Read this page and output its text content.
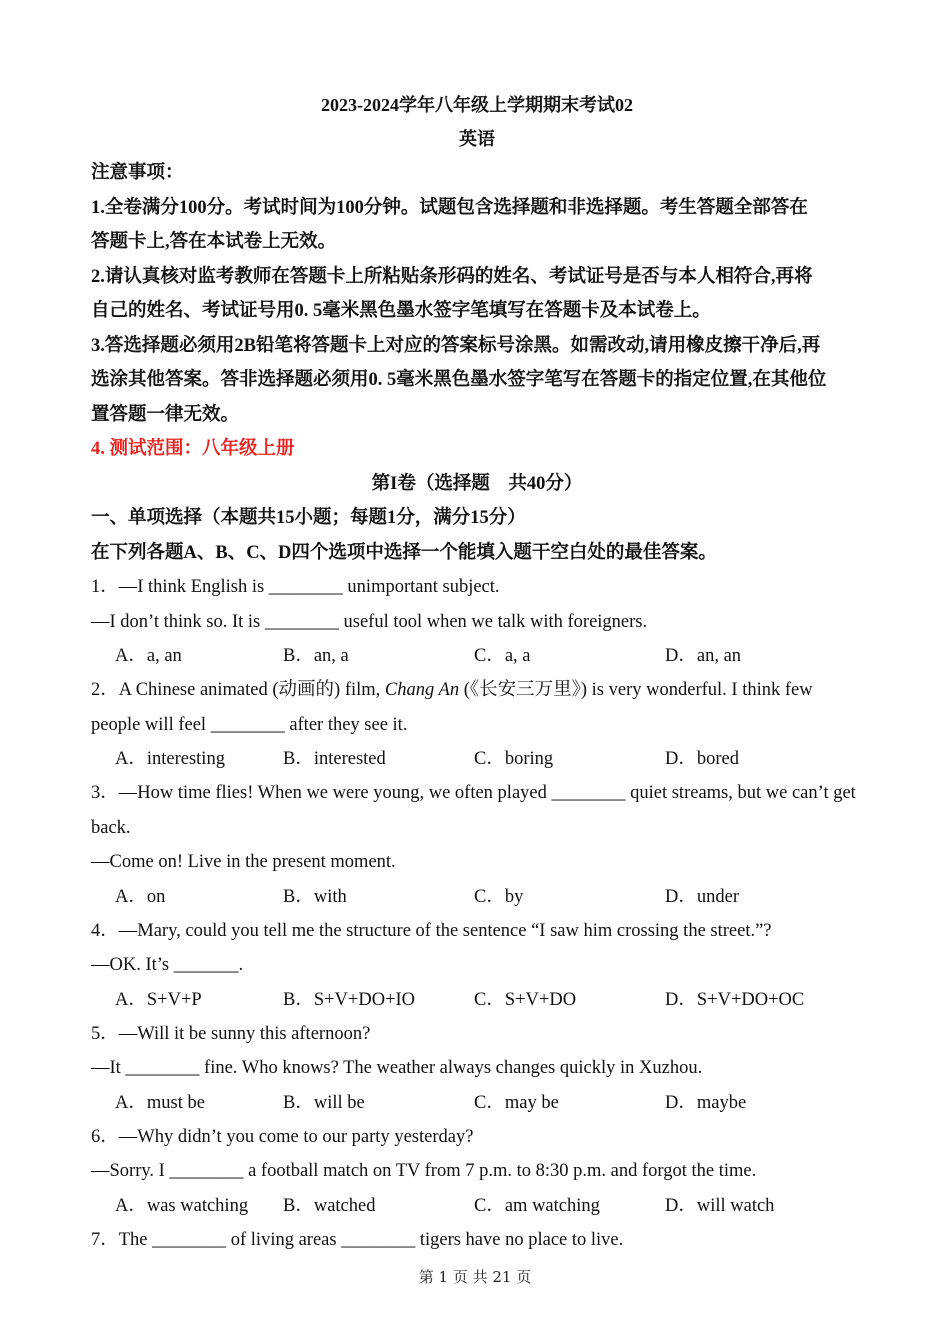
2023-2024学年八年级上学期期末考试02
英语
注意事项：
1.全卷满分100分。考试时间为100分钟。试题包含选择题和非选择题。考生答题全部答在
答题卡上,答在本试卷上无效。
2.请认真核对监考教师在答题卡上所粘贴条形码的姓名、考试证号是否与本人相符合,再将
自己的姓名、考试证号用0. 5毫米黑色墨水签字笔填写在答题卡及本试卷上。
3.答选择题必须用2B铅笔将答题卡上对应的答案标号涂黑。如需改动,请用橡皮擦干净后,再
选涂其他答案。答非选择题必须用0. 5毫米黑色墨水签字笔写在答题卡的指定位置,在其他位
置答题一律无效。
4. 测试范围：八年级上册
第I卷（选择题　共40分）
一、单项选择（本题共15小题；每题1分，满分15分）
在下列各题A、B、C、D四个选项中选择一个能填入题干空白处的最佳答案。
1．—I think English is ________ unimportant subject.
—I don’t think so. It is ________ useful tool when we talk with foreigners.
A．a, an	B．an, a	C．a, a	D．an, an
2．A Chinese animated (动画的) film, Chang An (《长安三万里》) is very wonderful. I think few people will feel ________ after they see it.
A．interesting	B．interested	C．boring	D．bored
3．—How time flies! When we were young, we often played ________ quiet streams, but we can’t get back.
—Come on! Live in the present moment.
A．on	B．with	C．by	D．under
4．—Mary, could you tell me the structure of the sentence “I saw him crossing the street.”?
—OK. It’s _______.
A．S+V+P	B．S+V+DO+IO	C．S+V+DO	D．S+V+DO+OC
5．—Will it be sunny this afternoon?
—It ________ fine. Who knows? The weather always changes quickly in Xuzhou.
A．must be	B．will be	C．may be	D．maybe
6．—Why didn’t you come to our party yesterday?
—Sorry. I ________ a football match on TV from 7 p.m. to 8:30 p.m. and forgot the time.
A．was watching	B．watched	C．am watching	D．will watch
7．The ________ of living areas ________ tigers have no place to live.
第 1 页 共 21 页
